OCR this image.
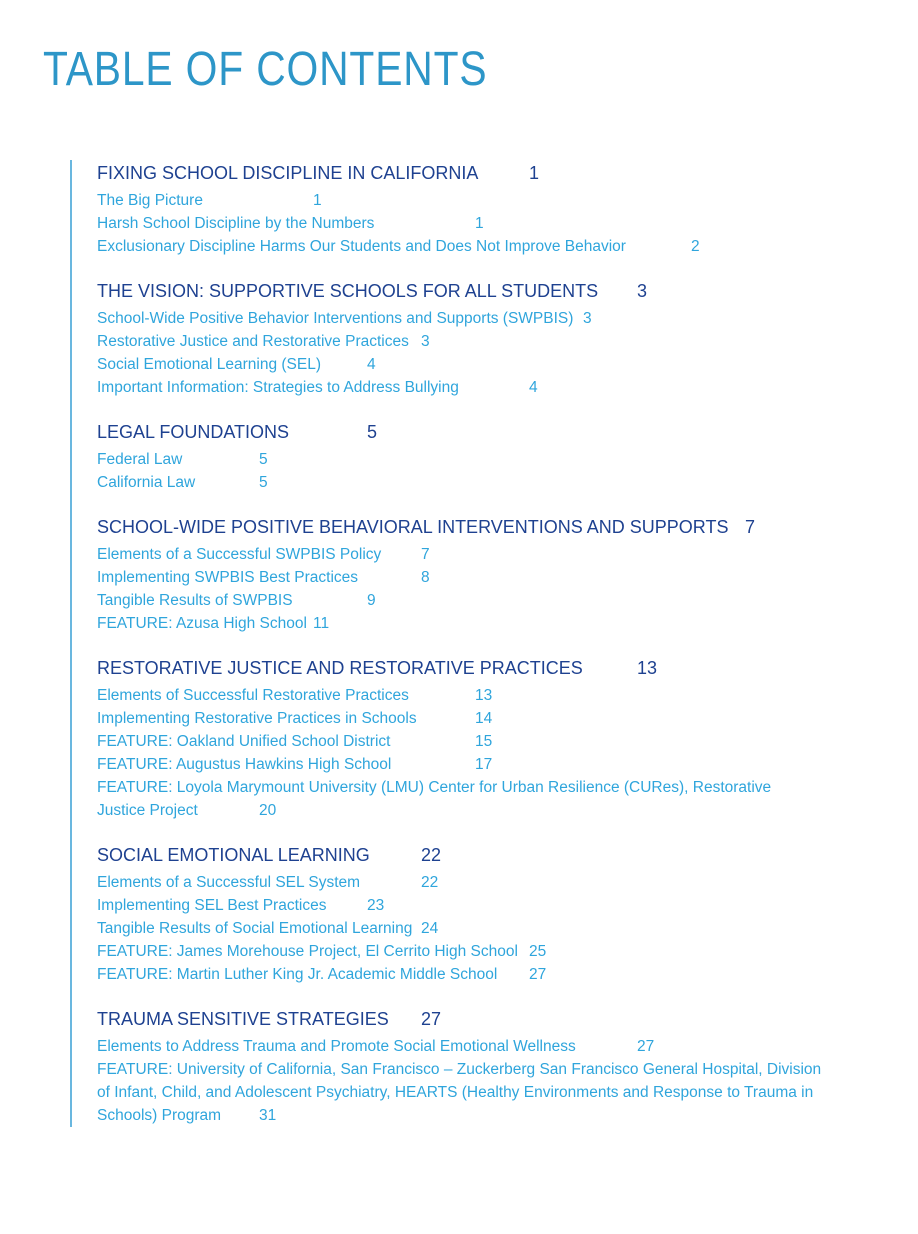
TABLE OF CONTENTS
FIXING SCHOOL DISCIPLINE IN CALIFORNIA	1
The Big Picture		1
Harsh School Discipline by the Numbers		1
Exclusionary Discipline Harms Our Students and Does Not Improve Behavior		2
THE VISION: SUPPORTIVE SCHOOLS FOR ALL STUDENTS	3
School-Wide Positive Behavior Interventions and Supports (SWPBIS)	3
Restorative Justice and Restorative Practices	3
Social Emotional Learning (SEL)	4
Important Information: Strategies to Address Bullying		4
LEGAL FOUNDATIONS		5
Federal Law		5
California Law		5
SCHOOL-WIDE POSITIVE BEHAVIORAL INTERVENTIONS AND SUPPORTS	7
Elements of a Successful SWPBIS Policy	7
Implementing SWPBIS Best Practices		8
Tangible Results of SWPBIS		9
FEATURE: Azusa High School	11
RESTORATIVE JUSTICE AND RESTORATIVE PRACTICES	13
Elements of Successful Restorative Practices		13
Implementing Restorative Practices in Schools		14
FEATURE: Oakland Unified School District		15
FEATURE: Augustus Hawkins High School		17
FEATURE: Loyola Marymount University (LMU) Center for Urban Resilience (CURes), Restorative Justice Project		20
SOCIAL EMOTIONAL LEARNING	22
Elements of a Successful SEL System		22
Implementing SEL Best Practices	23
Tangible Results of Social Emotional Learning	24
FEATURE: James Morehouse Project, El Cerrito High School	25
FEATURE: Martin Luther King Jr. Academic Middle School	27
TRAUMA SENSITIVE STRATEGIES	27
Elements to Address Trauma and Promote Social Emotional Wellness		27
FEATURE: University of California, San Francisco – Zuckerberg San Francisco General Hospital, Division of Infant, Child, and Adolescent Psychiatry, HEARTS (Healthy Environments and Response to Trauma in Schools) Program	31
